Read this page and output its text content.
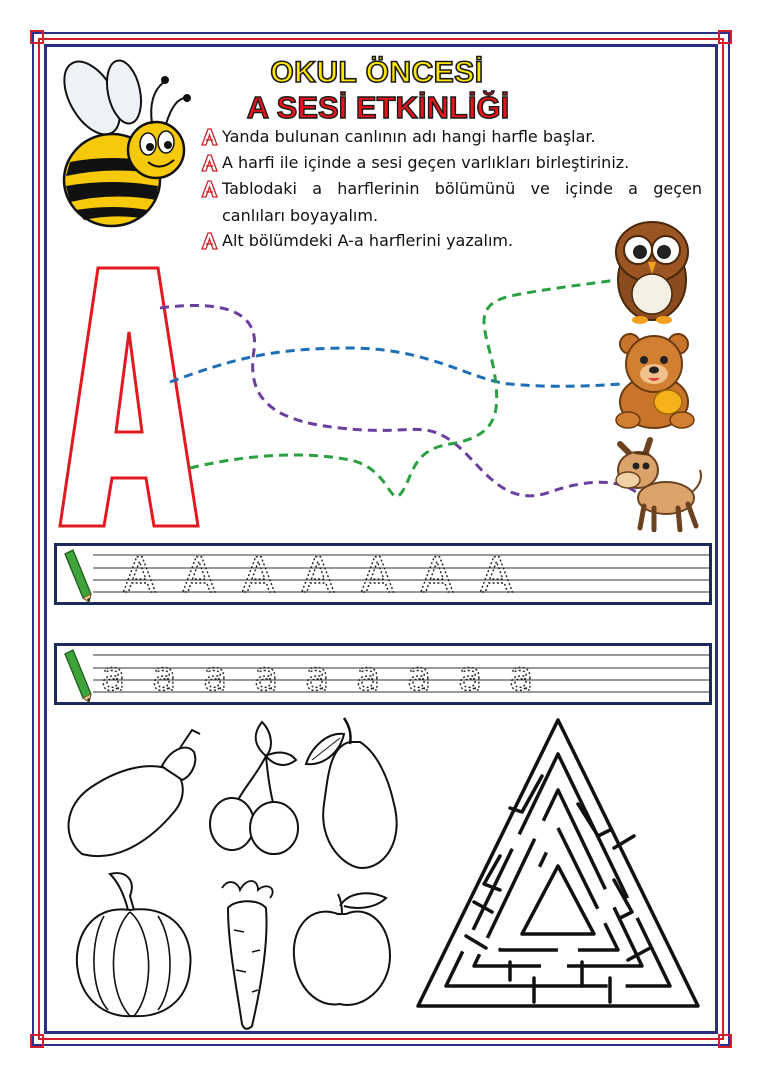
OKUL ÖNCESİ
A SESİ ETKİNLİĞİ
Yanda bulunan canlının adı hangi harfle başlar.
A harfi ile içinde a sesi geçen varlıkları birleştiriniz.
Tablodaki a harflerinin bölümünü ve içinde a geçen
Alt bölümdeki A-a harflerini yazalım.
canlıları boyayalım.
A A A A A A A
a a a a a a a a a
